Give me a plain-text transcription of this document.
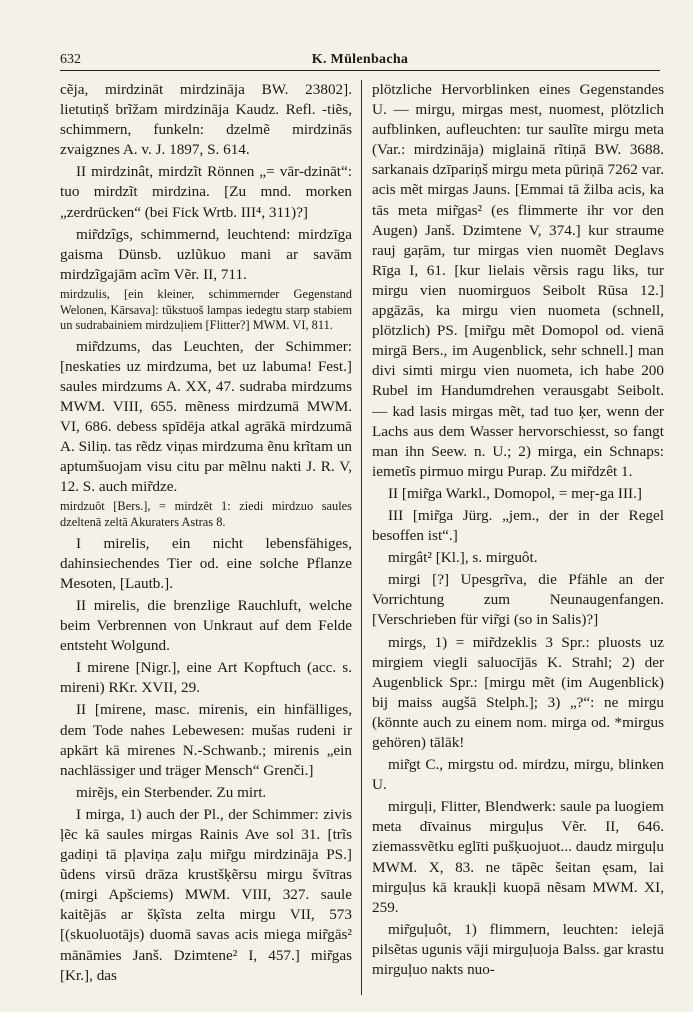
632	K. Mülenbacha

cẽja, mirdzināt mirdzināja BW. 23802]. lietutiņš brĩžam mirdzināja Kaudz. Refl. -tiẽs, schimmern, funkeln: dzelmẽ mirdzinās zvaigznes A. v. J. 1897, S. 614.

II mirdzinât, mirdzĩt Rönnen „= vār-dzināt“: tuo mirdzĩt mirdzina. [Zu mnd. morken „zerdrücken“ (bei Fick Wrtb. III⁴, 311)?]

mir̃dzîgs, schimmernd, leuchtend: mirdzīga gaisma Dünsb. uzlũkuo mani ar savām mirdzĩgajām acĩm Vẽr. II, 711.

mirdzulis, [ein kleiner, schimmernder Gegenstand Welonen, Kārsava]: tũkstuoš lampas iedegtu starp stabiem un sudrabainiem mirdzuļiem [Flitter?] MWM. VI, 811.

mir̃dzums, das Leuchten, der Schimmer: [neskaties uz mirdzuma, bet uz labuma! Fest.] saules mirdzums A. XX, 47. sudraba mirdzums MWM. VIII, 655. mẽness mirdzumā MWM. VI, 686. debess spīdēja atkal agrākā mirdzumā A. Siliņ. tas rẽdz viņas mirdzuma ẽnu krĩtam un aptumšuojam visu citu par mẽlnu nakti J. R. V, 12. S. auch mir̃dze.

mirdzuôt [Bers.], = mirdzêt 1: ziedi mirdzuo saules dzeltenā zeltā Akuraters Astras 8.

I mirelis, ein nicht lebensfähiges, dahinsiechendes Tier od. eine solche Pflanze Mesoten, [Lautb.].

II mirelis, die brenzlige Rauchluft, welche beim Verbrennen von Unkraut auf dem Felde entsteht Wolgund.

I mirene [Nigr.], eine Art Kopftuch (acc. s. mireni) RKr. XVII, 29.

II [mirene, masc. mirenis, ein hinfälliges, dem Tode nahes Lebewesen: mušas rudeni ir apkārt kā mirenes N.-Schwanb.; mirenis „ein nachlässiger und träger Mensch“ Grenči.]

mirẽjs, ein Sterbender. Zu mirt.

I mirga, 1) auch der Pl., der Schimmer: zivis ļẽc kā saules mirgas Rainis Ave sol 31. [trĩs gadiņi tā pļaviņa zaļu mir̃gu mirdzināja PS.] ũdens virsū drāza krustšķẽrsu mirgu švītras (mirgi Apšciems) MWM. VIII, 327. saule kaitẽjās ar šķĩsta zelta mirgu VII, 573 [(skuoluotājs) duomā savas acis miega mir̃gās² mānāmies Janš. Dzimtene² I, 457.] mir̃gas [Kr.], das

plötzliche Hervorblinken eines Gegenstandes U. — mirgu, mirgas mest, nuomest, plötzlich aufblinken, aufleuchten: tur saulĩte mirgu meta (Var.: mirdzināja) miglainā rĩtiņā BW. 3688. sarkanais dzīpariņš mirgu meta pūriņā 7262 var. acis mẽt mirgas Jauns. [Emmai tā žilba acis, ka tās meta mir̃gas² (es flimmerte ihr vor den Augen) Janš. Dzimtene V, 374.] kur straume rauj gaŗām, tur mirgas vien nuomẽt Deglavs Rīga I, 61. [kur lielais vẽrsis ragu liks, tur mirgu vien nuomirguos Seibolt Rūsa 12.] apgāzās, ka mirgu vien nuometa (schnell, plötzlich) PS. [mir̃gu mẽt Domopol od. vienā mirgā Bers., im Augenblick, sehr schnell.] man divi simti mirgu vien nuometa, ich habe 200 Rubel im Handumdrehen verausgabt Seibolt. — kad lasis mirgas mẽt, tad tuo ķer, wenn der Lachs aus dem Wasser hervorschiesst, so fangt man ihn Seew. n. U.; 2) mirga, ein Schnaps: iemetĩs pirmuo mirgu Purap. Zu mir̃dzêt 1.

II [mir̃ga Warkl., Domopol, = meŗ-ga III.]

III [mir̃ga Jürg. „jem., der in der Regel besoffen ist“.]

mirgât² [Kl.], s. mirguôt.

mirgi [?] Upesgrĩva, die Pfähle an der Vorrichtung zum Neunaugenfangen. [Verschrieben für vir̃gi (so in Salis)?]

mirgs, 1) = mir̃dzeklis 3 Spr.: pluosts uz mirgiem viegli saluocījās K. Strahl; 2) der Augenblick Spr.: [mirgu mẽt (im Augenblick) bij maiss augšā Stelph.]; 3) „?“: ne mirgu (könnte auch zu einem nom. mirga od. *mirgus gehören) tālāk!

mir̃gt C., mirgstu od. mirdzu, mirgu, blinken U.

mirguļi, Flitter, Blendwerk: saule pa luogiem meta dīvainus mirguļus Vẽr. II, 646. ziemassvẽtku eglīti pušķuojuot... daudz mirguļu MWM. X, 83. ne tāpẽc šeitan ęsam, lai mirguļus kā kraukļi kuopā nẽsam MWM. XI, 259.

mir̃guļuôt, 1) flimmern, leuchten: ielejā pilsẽtas ugunis vāji mirguļuoja Balss. gar krastu mirguļuo nakts nuo-
